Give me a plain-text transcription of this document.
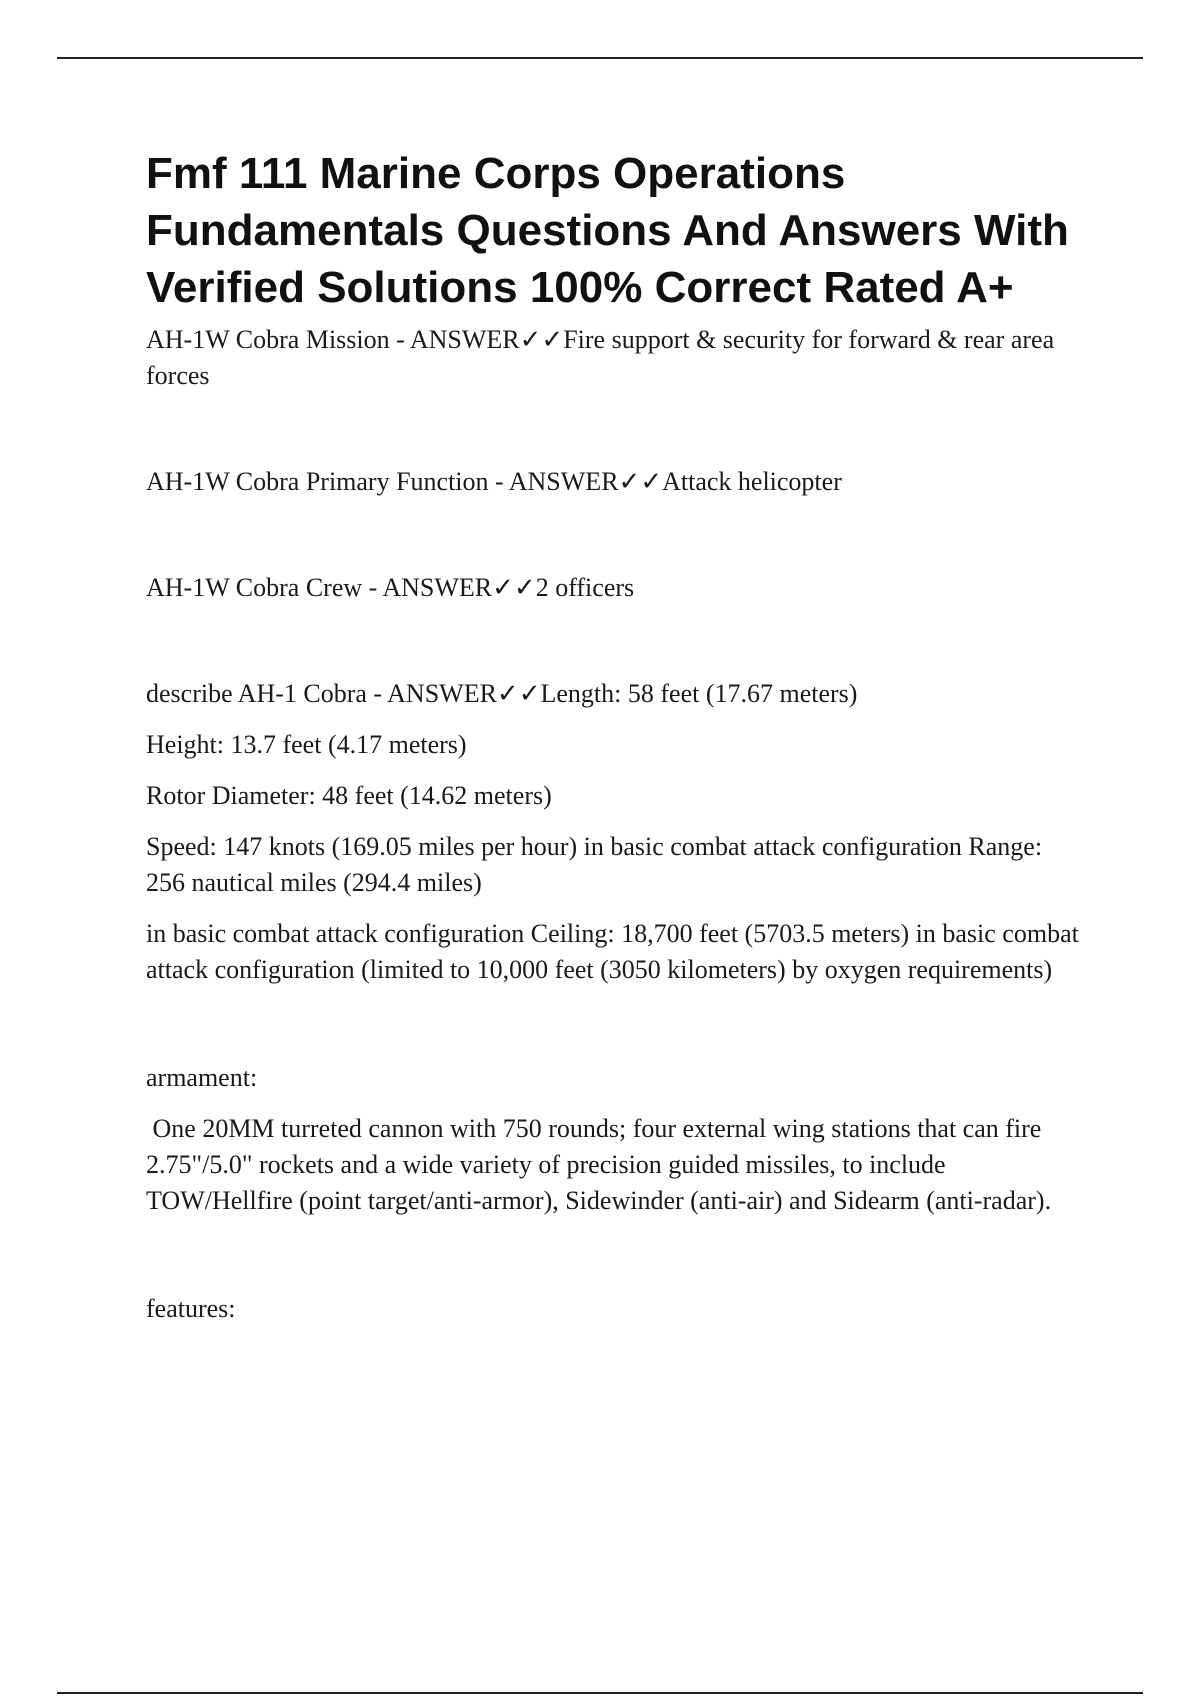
Fmf 111 Marine Corps Operations Fundamentals Questions And Answers With Verified Solutions 100% Correct Rated A+

AH-1W Cobra Mission - ANSWER✓✓Fire support & security for forward & rear area forces

AH-1W Cobra Primary Function - ANSWER✓✓Attack helicopter

AH-1W Cobra Crew - ANSWER✓✓2 officers

describe AH-1 Cobra - ANSWER✓✓Length: 58 feet (17.67 meters)

Height: 13.7 feet (4.17 meters)

Rotor Diameter: 48 feet (14.62 meters)

Speed: 147 knots (169.05 miles per hour) in basic combat attack configuration Range: 256 nautical miles (294.4 miles)

in basic combat attack configuration Ceiling: 18,700 feet (5703.5 meters) in basic combat attack configuration (limited to 10,000 feet (3050 kilometers) by oxygen requirements)

armament:

One 20MM turreted cannon with 750 rounds; four external wing stations that can fire 2.75"/5.0" rockets and a wide variety of precision guided missiles, to include TOW/Hellfire (point target/anti-armor), Sidewinder (anti-air) and Sidearm (anti-radar).

features:
